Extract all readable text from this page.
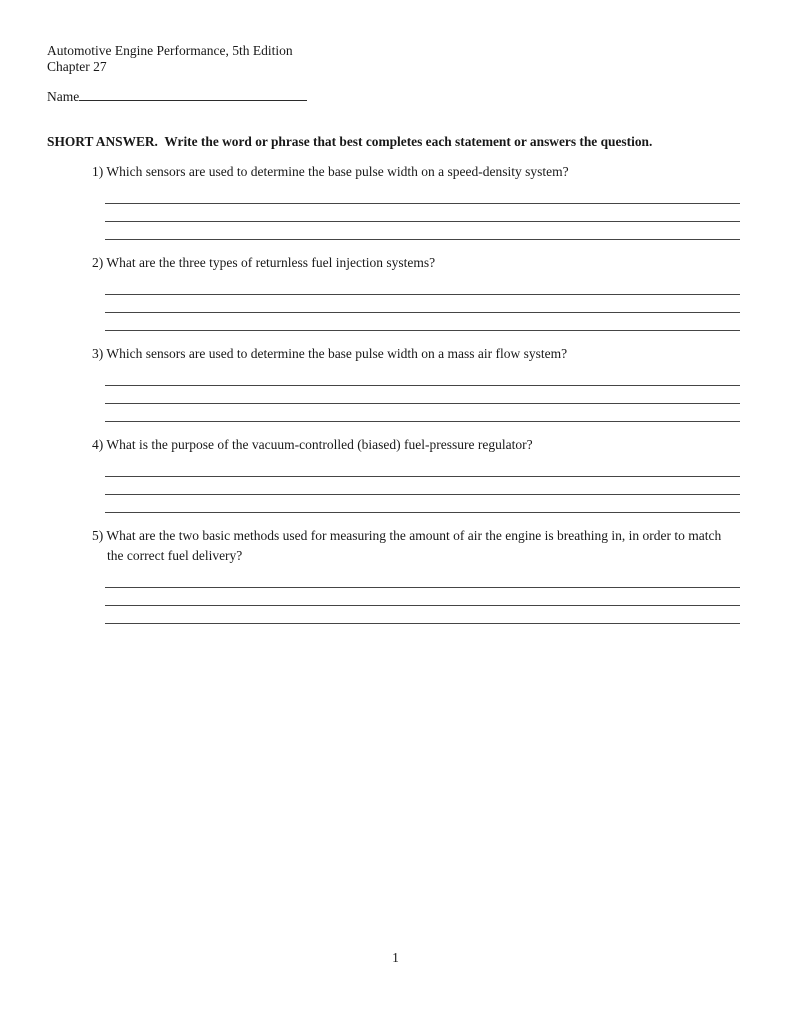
Automotive Engine Performance, 5th Edition
Chapter 27
Name
SHORT ANSWER.  Write the word or phrase that best completes each statement or answers the question.

1) Which sensors are used to determine the base pulse width on a speed-density system?

2) What are the three types of returnless fuel injection systems?

3) Which sensors are used to determine the base pulse width on a mass air flow system?

4) What is the purpose of the vacuum-controlled (biased) fuel-pressure regulator?

5) What are the two basic methods used for measuring the amount of air the engine is breathing in, in order to match the correct fuel delivery?

1
